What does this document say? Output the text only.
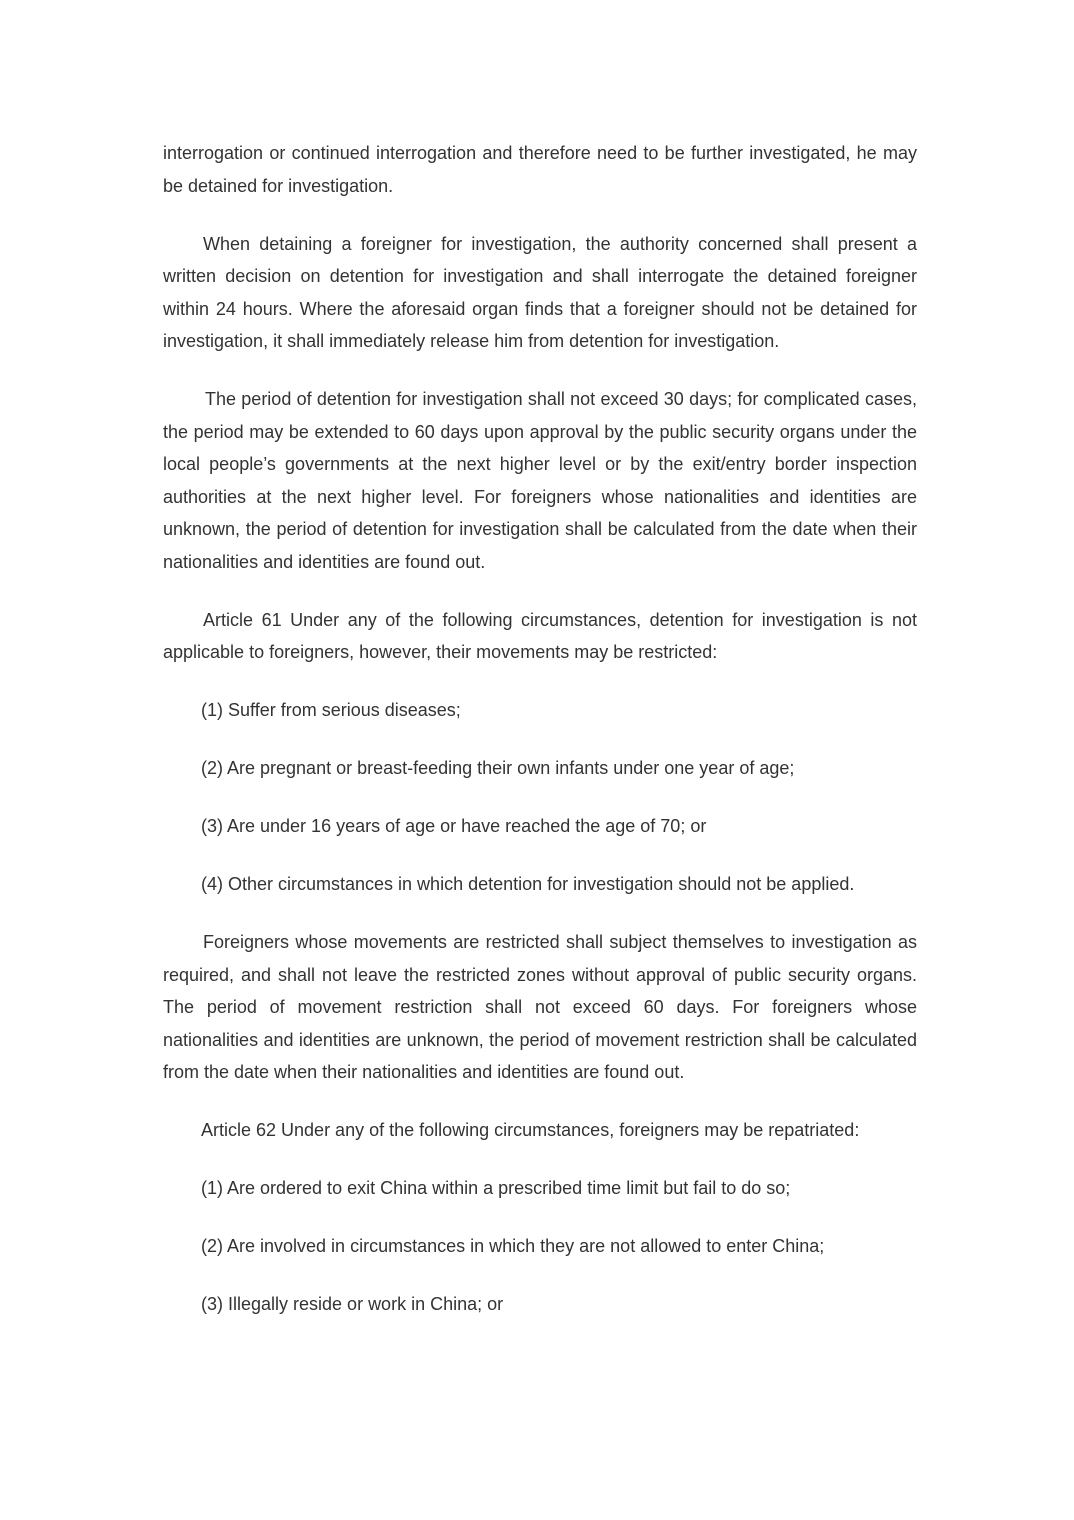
interrogation or continued interrogation and therefore need to be further investigated, he may be detained for investigation.

When detaining a foreigner for investigation, the authority concerned shall present a written decision on detention for investigation and shall interrogate the detained foreigner within 24 hours. Where the aforesaid organ finds that a foreigner should not be detained for investigation, it shall immediately release him from detention for investigation.

The period of detention for investigation shall not exceed 30 days; for complicated cases, the period may be extended to 60 days upon approval by the public security organs under the local people’s governments at the next higher level or by the exit/entry border inspection authorities at the next higher level. For foreigners whose nationalities and identities are unknown, the period of detention for investigation shall be calculated from the date when their nationalities and identities are found out.

Article 61 Under any of the following circumstances, detention for investigation is not applicable to foreigners, however, their movements may be restricted:

(1) Suffer from serious diseases;

(2) Are pregnant or breast-feeding their own infants under one year of age;

(3) Are under 16 years of age or have reached the age of 70; or

(4) Other circumstances in which detention for investigation should not be applied.

Foreigners whose movements are restricted shall subject themselves to investigation as required, and shall not leave the restricted zones without approval of public security organs. The period of movement restriction shall not exceed 60 days. For foreigners whose nationalities and identities are unknown, the period of movement restriction shall be calculated from the date when their nationalities and identities are found out.

Article 62 Under any of the following circumstances, foreigners may be repatriated:

(1) Are ordered to exit China within a prescribed time limit but fail to do so;

(2) Are involved in circumstances in which they are not allowed to enter China;

(3) Illegally reside or work in China; or
